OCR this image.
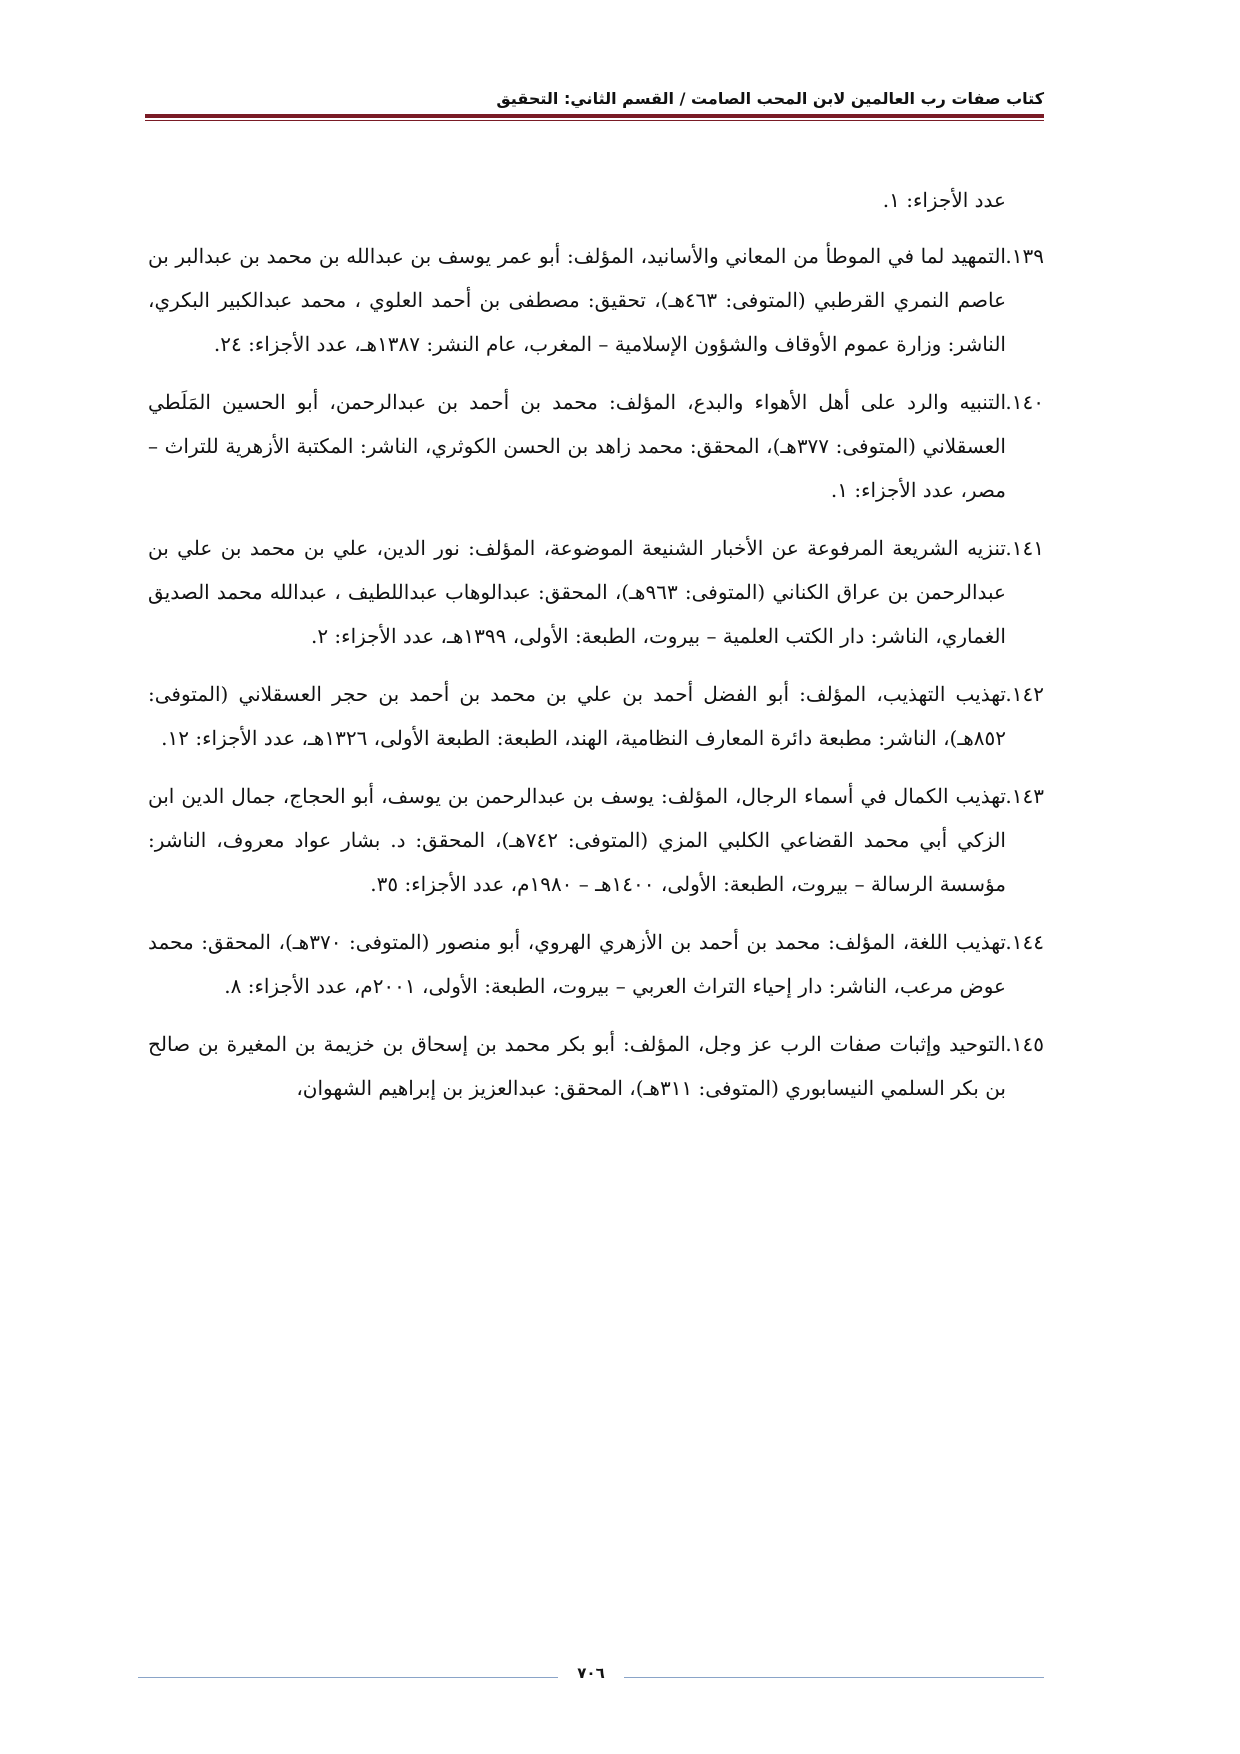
كتاب صفات رب العالمين لابن المحب الصامت / القسم الثاني: التحقيق

عدد الأجزاء: ١.

١٣٩.
التمهيد لما في الموطأ من المعاني والأسانيد، المؤلف: أبو عمر يوسف بن عبدالله بن محمد بن عبدالبر بن عاصم النمري القرطبي (المتوفى: ٤٦٣هـ)، تحقيق: مصطفى بن أحمد العلوي ، محمد عبدالكبير البكري، الناشر: وزارة عموم الأوقاف والشؤون الإسلامية – المغرب، عام النشر: ١٣٨٧هـ، عدد الأجزاء: ٢٤.
١٤٠.
التنبيه والرد على أهل الأهواء والبدع، المؤلف: محمد بن أحمد بن عبدالرحمن، أبو الحسين المَلَطي العسقلاني (المتوفى: ٣٧٧هـ)، المحقق: محمد زاهد بن الحسن الكوثري، الناشر: المكتبة الأزهرية للتراث – مصر، عدد الأجزاء: ١.
١٤١.
تنزيه الشريعة المرفوعة عن الأخبار الشنيعة الموضوعة، المؤلف: نور الدين، علي بن محمد بن علي بن عبدالرحمن بن عراق الكناني (المتوفى: ٩٦٣هـ)، المحقق: عبدالوهاب عبداللطيف ، عبدالله محمد الصديق الغماري، الناشر: دار الكتب العلمية – بيروت، الطبعة: الأولى، ١٣٩٩هـ، عدد الأجزاء: ٢.
١٤٢.
تهذيب التهذيب، المؤلف: أبو الفضل أحمد بن علي بن محمد بن أحمد بن حجر العسقلاني (المتوفى: ٨٥٢هـ)، الناشر: مطبعة دائرة المعارف النظامية، الهند، الطبعة: الطبعة الأولى، ١٣٢٦هـ، عدد الأجزاء: ١٢.
١٤٣.
تهذيب الكمال في أسماء الرجال، المؤلف: يوسف بن عبدالرحمن بن يوسف، أبو الحجاج، جمال الدين ابن الزكي أبي محمد القضاعي الكلبي المزي (المتوفى: ٧٤٢هـ)، المحقق: د. بشار عواد معروف، الناشر: مؤسسة الرسالة – بيروت، الطبعة: الأولى، ١٤٠٠هـ – ١٩٨٠م، عدد الأجزاء: ٣٥.
١٤٤.
تهذيب اللغة، المؤلف: محمد بن أحمد بن الأزهري الهروي، أبو منصور (المتوفى: ٣٧٠هـ)، المحقق: محمد عوض مرعب، الناشر: دار إحياء التراث العربي – بيروت، الطبعة: الأولى، ٢٠٠١م، عدد الأجزاء: ٨.
١٤٥.
التوحيد وإثبات صفات الرب عز وجل، المؤلف: أبو بكر محمد بن إسحاق بن خزيمة بن المغيرة بن صالح بن بكر السلمي النيسابوري (المتوفى: ٣١١هـ)، المحقق: عبدالعزيز بن إبراهيم الشهوان،
٧٠٦
